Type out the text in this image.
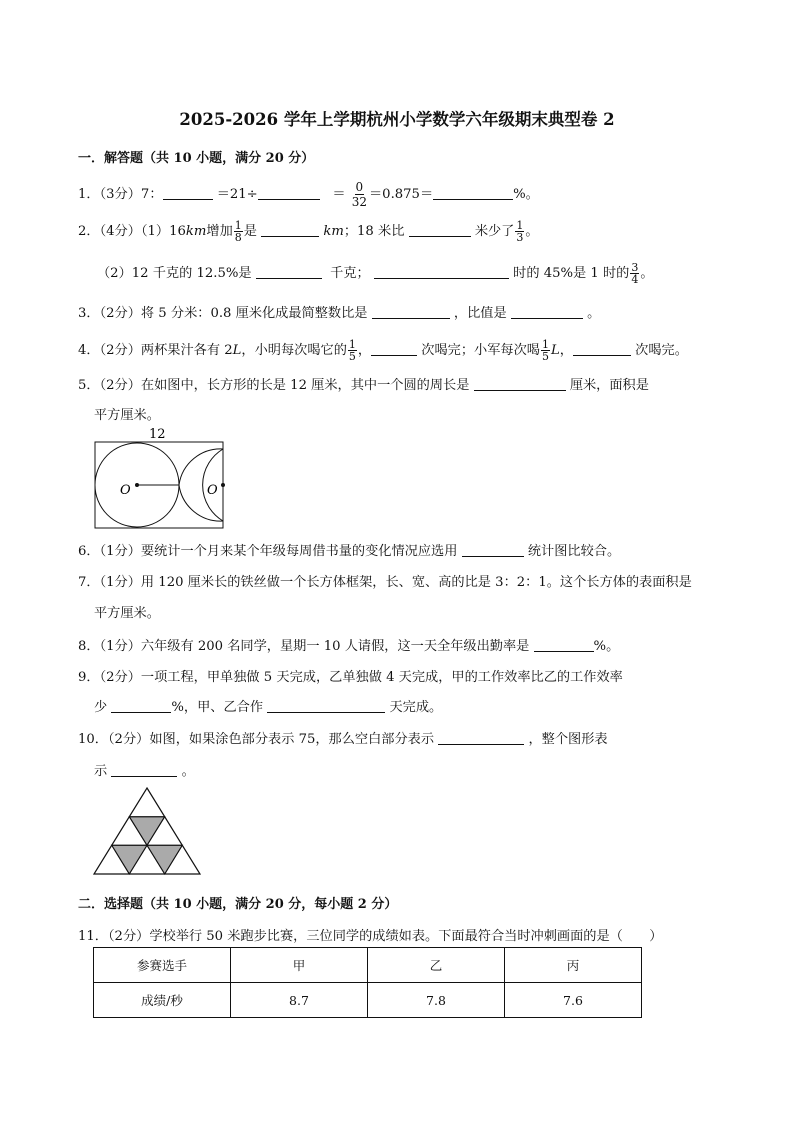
2025-2026 学年上学期杭州小学数学六年级期末典型卷 2
一．解答题（共 10 小题，满分 20 分）
1．（3分）7：	＝21÷	＝ $\frac{0}{32} =0.875=$	%。
2．（4分）（1）16km增加 $\frac{1}{8}$ 是	km；18 米比	米少了 $\frac{1}{3}$ 。
（2）12 千克的 12.5%是	千克；	时的 45%是 1 时的 $\frac{3}{4}$ 。
3．（2分）将 5 分米：0.8 厘米化成最简整数比是	，比值是	。
4．（2分）两杯果汁各有 2L，小明每次喝它的 $\frac{1}{5}$ ，	次喝完；小军每次喝 $\frac{1}{5}$ L，	次喝完。
5．（2分）在如图中，长方形的长是 12 厘米，其中一个圆的周长是	厘米，面积是
平方厘米。
12
O	O
6．（1分）要统计一个月来某个年级每周借书量的变化情况应选用	统计图比较合。
7．（1分）用 120 厘米长的铁丝做一个长方体框架，长、宽、高的比是 3：2：1。这个长方体的表面积是
平方厘米。
8．（1分）六年级有 200 名同学，星期一 10 人请假，这一天全年级出勤率是	%。
9．（2分）一项工程，甲单独做 5 天完成，乙单独做 4 天完成，甲的工作效率比乙的工作效率
少	%，甲、乙合作	天完成。
10．（2分）如图，如果涂色部分表示 75，那么空白部分表示	，整个图形表
示	。
二．选择题（共 10 小题，满分 20 分，每小题 2 分）
11．（2分）学校举行 50 米跑步比赛，三位同学的成绩如表。下面最符合当时冲刺画面的是（　　）
参赛选手	甲	乙	丙
成绩/秒	8.7	7.8	7.6
